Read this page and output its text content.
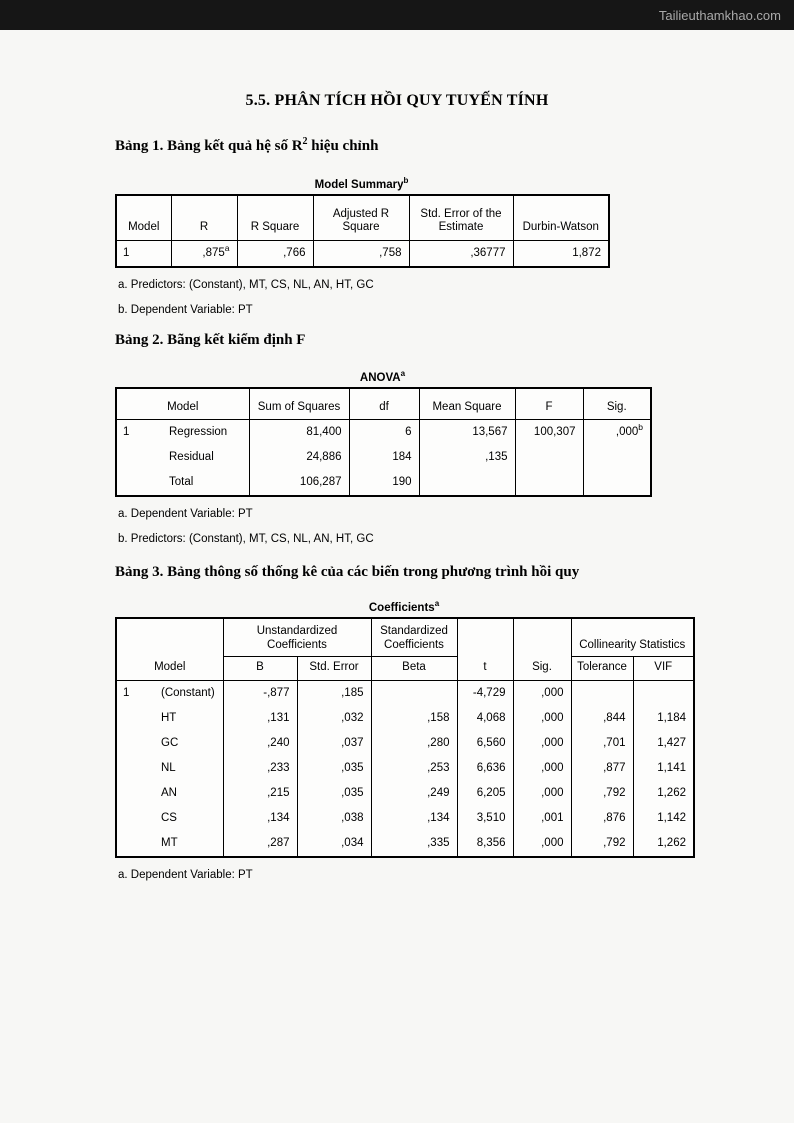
Tailieuthamkhao.com
5.5. PHÂN TÍCH HỒI QUY TUYẾN TÍNH
Bảng 1. Bảng kết quả hệ số $R^2$ hiệu chỉnh
Model Summary$^b$
Model	R	R Square	Adjusted R Square	Std. Error of the Estimate	Durbin-Watson
1	,875$^a$	,766	,758	,36777	1,872
a. Predictors: (Constant), MT, CS, NL, AN, HT, GC
b. Dependent Variable: PT
Bảng 2. Bãng kết kiểm định F
ANOVA$^a$
Model	Sum of Squares	df	Mean Square	F	Sig.
1 Regression	81,400	6	13,567	100,307	,000$^b$
Residual	24,886	184	,135		
Total	106,287	190			
a. Dependent Variable: PT
b. Predictors: (Constant), MT, CS, NL, AN, HT, GC
Bảng 3. Bảng thông số thống kê của các biến trong phương trình hồi quy
Coefficients$^a$
Model	Unstandardized Coefficients		Standardized Coefficients	t	Sig.	Collinearity Statistics	
	B	Std. Error	Beta			Tolerance	VIF
1 (Constant)	-,877	,185		-4,729	,000		
HT	,131	,032	,158	4,068	,000	,844	1,184
GC	,240	,037	,280	6,560	,000	,701	1,427
NL	,233	,035	,253	6,636	,000	,877	1,141
AN	,215	,035	,249	6,205	,000	,792	1,262
CS	,134	,038	,134	3,510	,001	,876	1,142
MT	,287	,034	,335	8,356	,000	,792	1,262
a. Dependent Variable: PT
